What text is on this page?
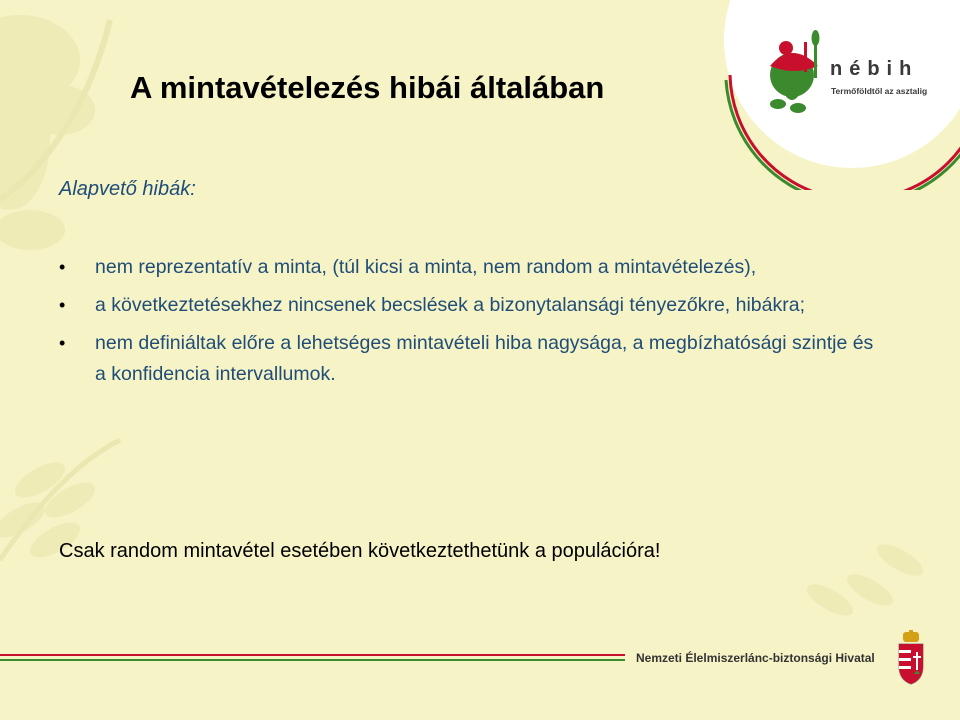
nébih
Termőföldtől az asztalig
A mintavételezés hibái általában
Alapvető hibák:
• nem reprezentatív a minta, (túl kicsi a minta, nem random a mintavételezés),
• a következtetésekhez nincsenek becslések a bizonytalansági tényezőkre, hibákra;
• nem definiáltak előre a lehetséges mintavételi hiba nagysága, a megbízhatósági szintje és a konfidencia intervallumok.
Csak random mintavétel esetében következtethetünk a populációra!
Nemzeti Élelmiszerlánc-biztonsági Hivatal
